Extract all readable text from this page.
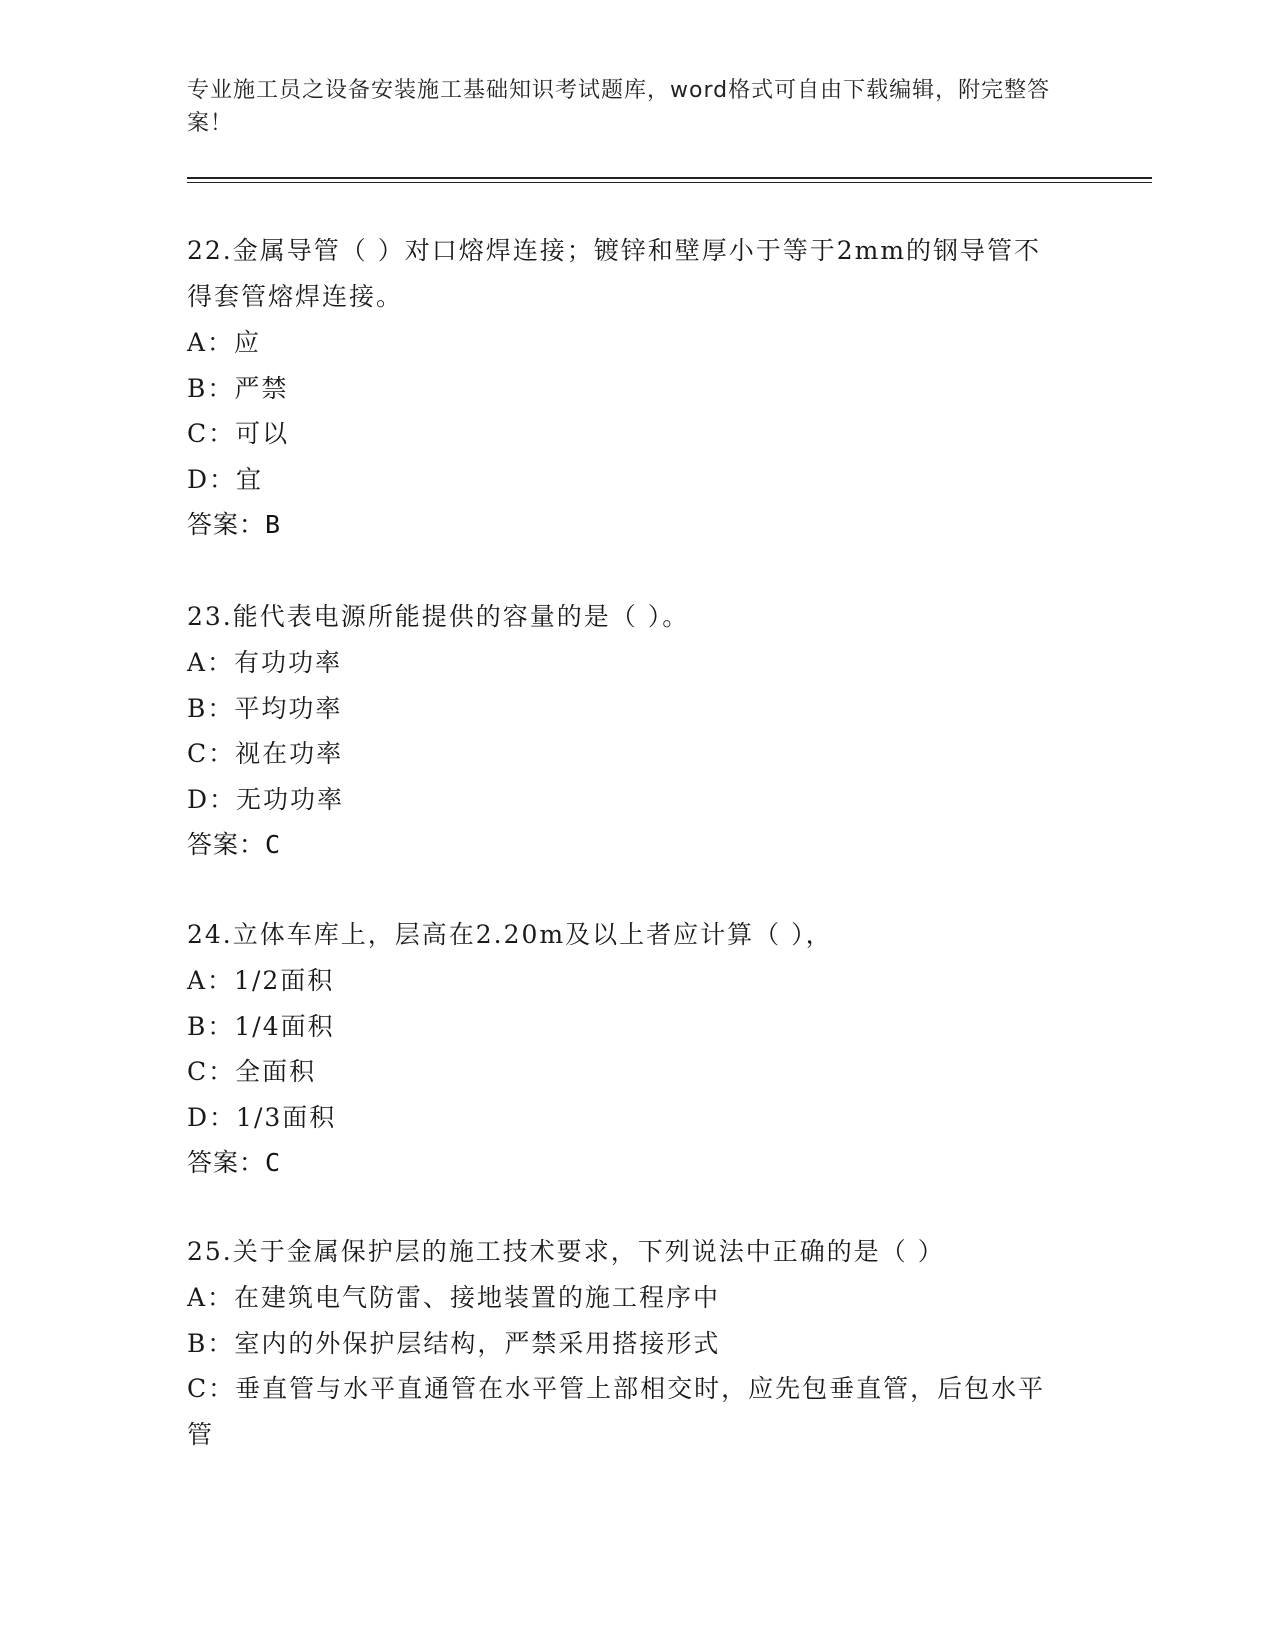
专业施工员之设备安装施工基础知识考试题库，word格式可自由下载编辑，附完整答案！

22.金属导管（ ）对口熔焊连接；镀锌和壁厚小于等于2mm的钢导管不得套管熔焊连接。

A：应

B：严禁

C：可以

D：宜

答案：B

23.能代表电源所能提供的容量的是（ ）。

A：有功功率

B：平均功率

C：视在功率

D：无功功率

答案：C

24.立体车库上，层高在2.20m及以上者应计算（ ），

A：1/2面积

B：1/4面积

C：全面积

D：1/3面积

答案：C

25.关于金属保护层的施工技术要求，下列说法中正确的是（ ）

A：在建筑电气防雷、接地装置的施工程序中

B：室内的外保护层结构，严禁采用搭接形式

C：垂直管与水平直通管在水平管上部相交时，应先包垂直管，后包水平管
